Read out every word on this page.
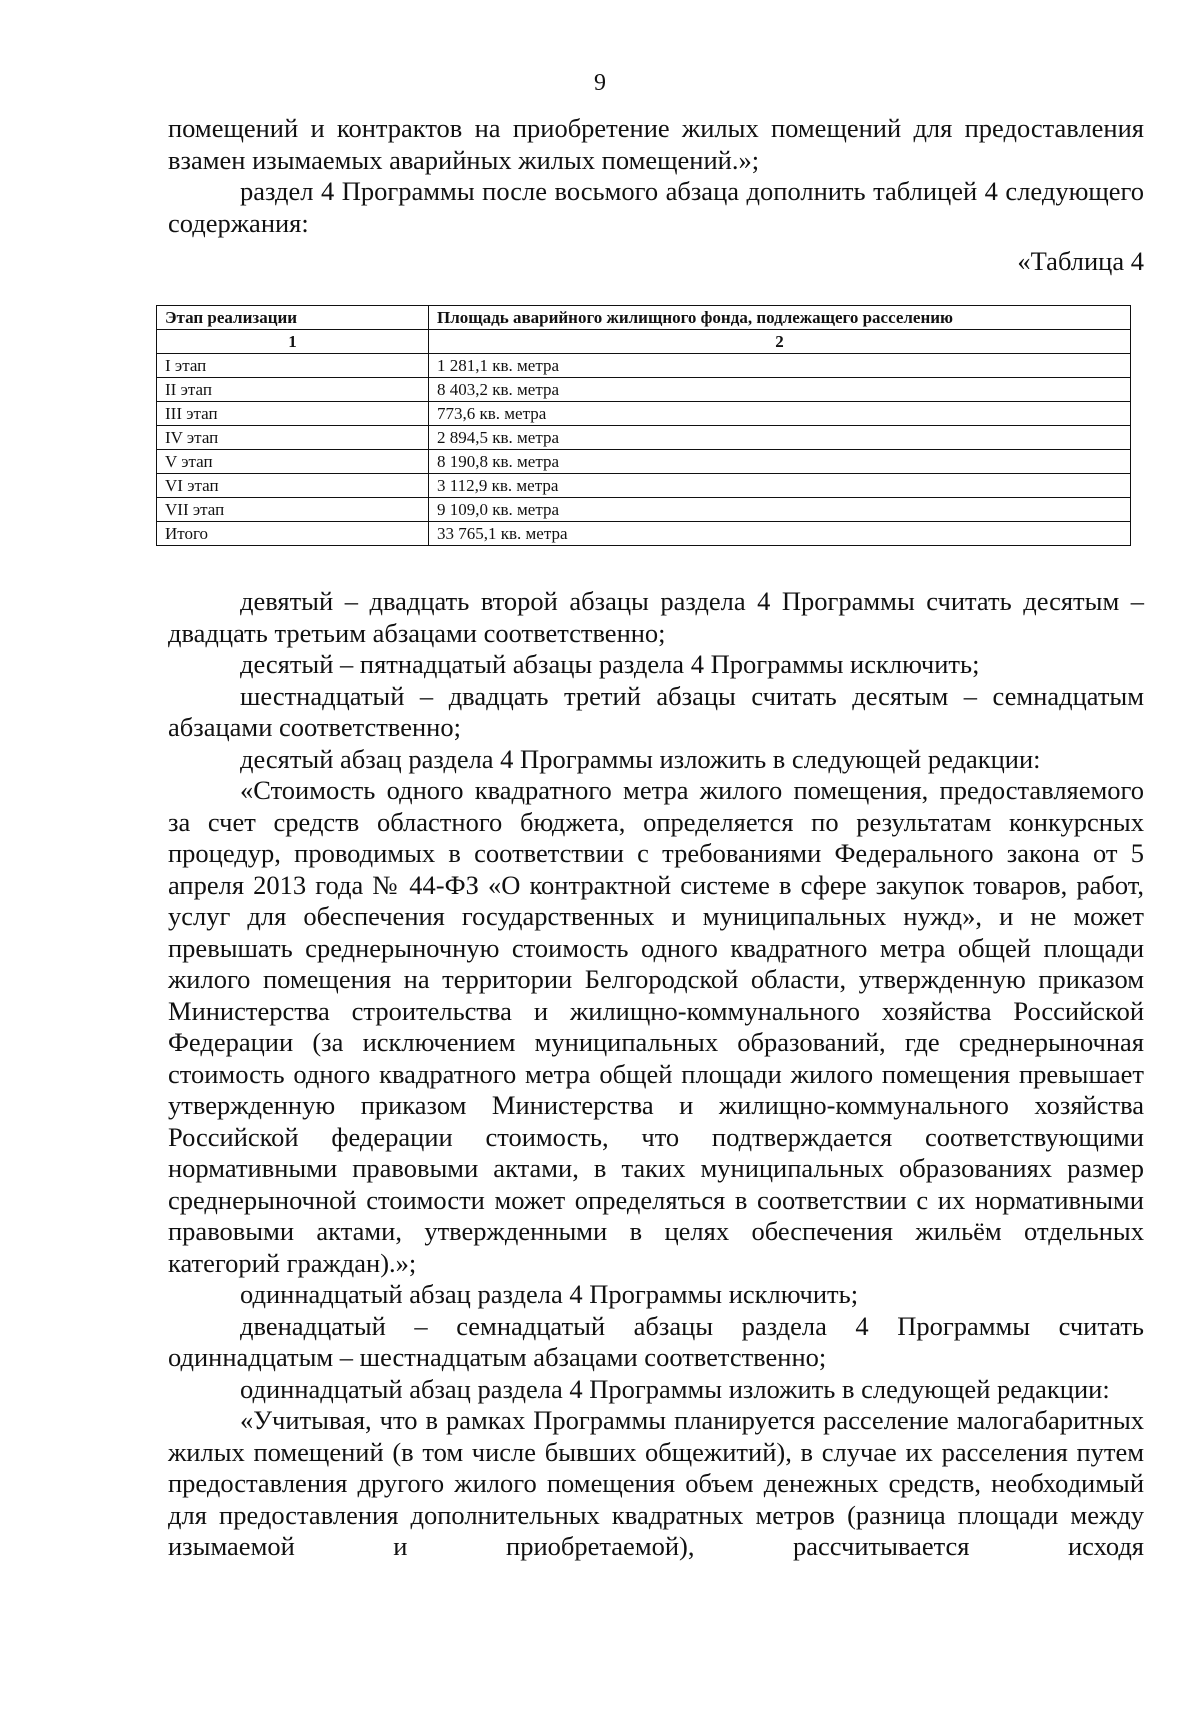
9

помещений и контрактов на приобретение жилых помещений для предоставления взамен изымаемых аварийных жилых помещений.»;

раздел 4 Программы после восьмого абзаца дополнить таблицей 4 следующего содержания:

«Таблица 4
Этап реализации	Площадь аварийного жилищного фонда, подлежащего расселению
1	2
I этап	1 281,1 кв. метра
II этап	8 403,2 кв. метра
III этап	773,6 кв. метра
IV этап	2 894,5 кв. метра
V этап	8 190,8 кв. метра
VI этап	3 112,9 кв. метра
VII этап	9 109,0 кв. метра
Итого	33 765,1 кв. метра

девятый – двадцать второй абзацы раздела 4 Программы считать десятым – двадцать третьим абзацами соответственно;

десятый – пятнадцатый абзацы раздела 4 Программы исключить;

шестнадцатый – двадцать третий абзацы считать десятым – семнадцатым абзацами соответственно;

десятый абзац раздела 4 Программы изложить в следующей редакции:

«Стоимость одного квадратного метра жилого помещения, предоставляемого за счет средств областного бюджета, определяется по результатам конкурсных процедур, проводимых в соответствии с требованиями Федерального закона от 5 апреля 2013 года № 44-ФЗ «О контрактной системе в сфере закупок товаров, работ, услуг для обеспечения государственных и муниципальных нужд», и не может превышать среднерыночную стоимость одного квадратного метра общей площади жилого помещения на территории Белгородской области, утвержденную приказом Министерства строительства и жилищно-коммунального хозяйства Российской Федерации (за исключением муниципальных образований, где среднерыночная стоимость одного квадратного метра общей площади жилого помещения превышает утвержденную приказом Министерства и жилищно-коммунального хозяйства Российской федерации стоимость, что подтверждается соответствующими нормативными правовыми актами, в таких муниципальных образованиях размер среднерыночной стоимости может определяться в соответствии с их нормативными правовыми актами, утвержденными в целях обеспечения жильём отдельных категорий граждан).»;

одиннадцатый абзац раздела 4 Программы исключить;

двенадцатый – семнадцатый абзацы раздела 4 Программы считать одиннадцатым – шестнадцатым абзацами соответственно;

одиннадцатый абзац раздела 4 Программы изложить в следующей редакции:

«Учитывая, что в рамках Программы планируется расселение малогабаритных жилых помещений (в том числе бывших общежитий), в случае их расселения путем предоставления другого жилого помещения объем денежных средств, необходимый для предоставления дополнительных квадратных метров (разница площади между изымаемой и приобретаемой), рассчитывается исходя
